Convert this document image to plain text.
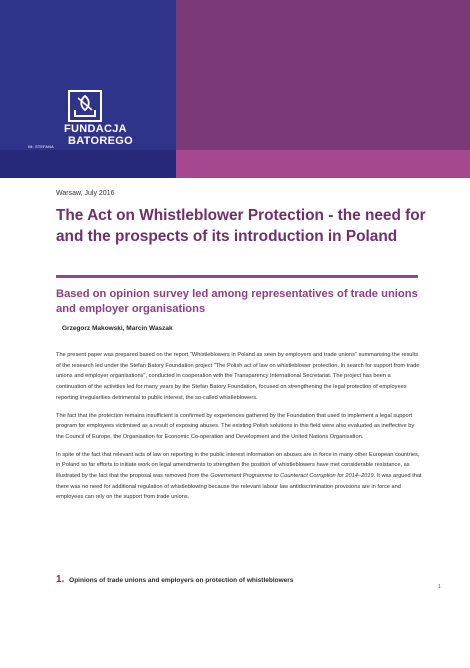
FUNDACJA
BATOREGO
IM. STEFANA
Warsaw, July 2016
The Act on Whistleblower Protection - the need for and the prospects of its introduction in Poland
Based on opinion survey led among representatives of trade unions and employer organisations
Grzegorz Makowski, Marcin Waszak

The present paper was prepared based on the report "Whistleblowers in Poland as seen by employers and trade unions" summarising the results of the research led under the Stefan Batory Foundation project "The Polish act of law on whistleblower protection. In search for support from trade unions and employer organisations", conducted in cooperation with the Transparency International Secretariat. The project has been a continuation of the activities led for many years by the Stefan Batory Foundation, focused on strengthening the legal protection of employees reporting irregularities detrimental to public interest, the so-called whistleblowers.

The fact that the protection remains insufficient is confirmed by experiences gathered by the Foundation that used to implement a legal support program for employees victimised as a result of exposing abuses. The existing Polish solutions in this field were also evaluated as ineffective by the Council of Europe, the Organisation for Economic Co-operation and Development and the United Nations Organisation.

In spite of the fact that relevant acts of law on reporting in the public interest information on abuses are in force in many other European countries, in Poland so far efforts to initiate work on legal amendments to strengthen the position of whistleblowers have met considerable resistance, as illustrated by the fact that the proposal was removed from the Government Programme to Counteract Corruption for 2014–2019. It was argued that there was no need for additional regulation of whistleblowing because the relevant labour law antidiscrimination provisions are in force and employees can rely on the support from trade unions.

1. Opinions of trade unions and employers on protection of whistleblowers
1
